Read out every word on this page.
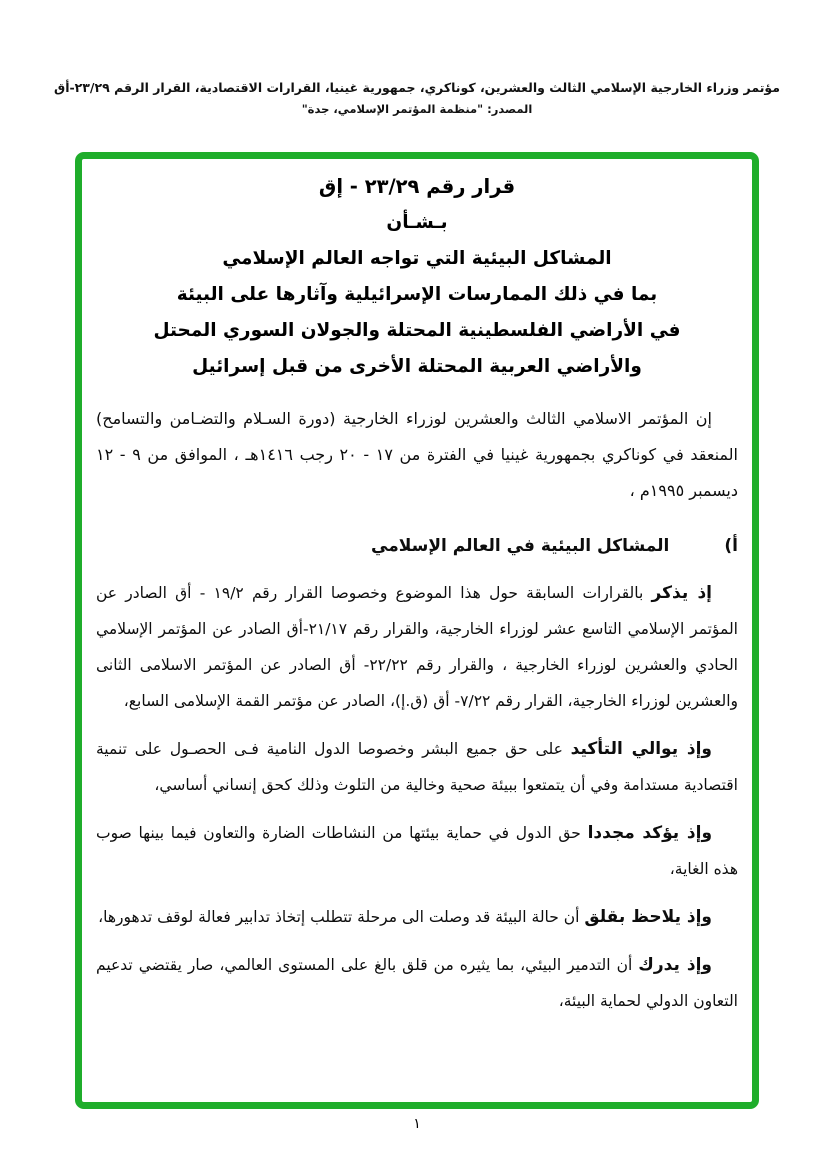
مؤتمر وزراء الخارجية الإسلامي الثالث والعشرين، كوناكري، جمهورية غينيا، القرارات الاقتصادية، القرار الرقم ٢٣/٢٩-أق
المصدر: "منظمة المؤتمر الإسلامي، جدة"
قرار رقم ٢٣/٢٩ - إق
بـشـأن
المشاكل البيئية التي تواجه العالم الإسلامي
بما في ذلك الممارسات الإسرائيلية وآثارها على البيئة
في الأراضي الفلسطينية المحتلة والجولان السوري المحتل
والأراضي العربية المحتلة الأخرى من قبل إسرائيل
إن المؤتمر الاسلامي الثالث والعشرين لوزراء الخارجية (دورة السـلام والتضـامن والتسامح) المنعقد في كوناكري بجمهورية غينيا في الفترة من ١٧ - ٢٠ رجب ١٤١٦هـ ، الموافق من ٩ - ١٢ ديسمبر ١٩٩٥م ،
أ)
المشاكل البيئية في العالم الإسلامي
إذ يذكر بالقرارات السابقة حول هذا الموضوع وخصوصا القرار رقم ١٩/٢ - أق الصادر عن المؤتمر الإسلامي التاسع عشر لوزراء الخارجية، والقرار رقم ٢١/١٧-أق الصادر عن المؤتمر الإسلامي الحادي والعشرين لوزراء الخارجية ، والقرار رقم ٢٢/٢٢- أق الصادر عن المؤتمر الاسلامى الثانى والعشرين لوزراء الخارجية، القرار رقم ٧/٢٢- أق (ق.إ)، الصادر عن مؤتمر القمة الإسلامى السابع،
وإذ يوالي التأكيد على حق جميع البشر وخصوصا الدول النامية فـى الحصـول على تنمية اقتصادية مستدامة وفي أن يتمتعوا ببيئة صحية وخالية من التلوث وذلك كحق إنساني أساسي،
وإذ يؤكد مجددا حق الدول في حماية بيئتها من النشاطات الضارة والتعاون فيما بينها صوب هذه الغاية،
وإذ يلاحظ بقلق أن حالة البيئة قد وصلت الى مرحلة تتطلب إتخاذ تدابير فعالة لوقف تدهورها،
وإذ يدرك أن التدمير البيئي، بما يثيره من قلق بالغ على المستوى العالمي، صار يقتضي تدعيم التعاون الدولي لحماية البيئة،
١
